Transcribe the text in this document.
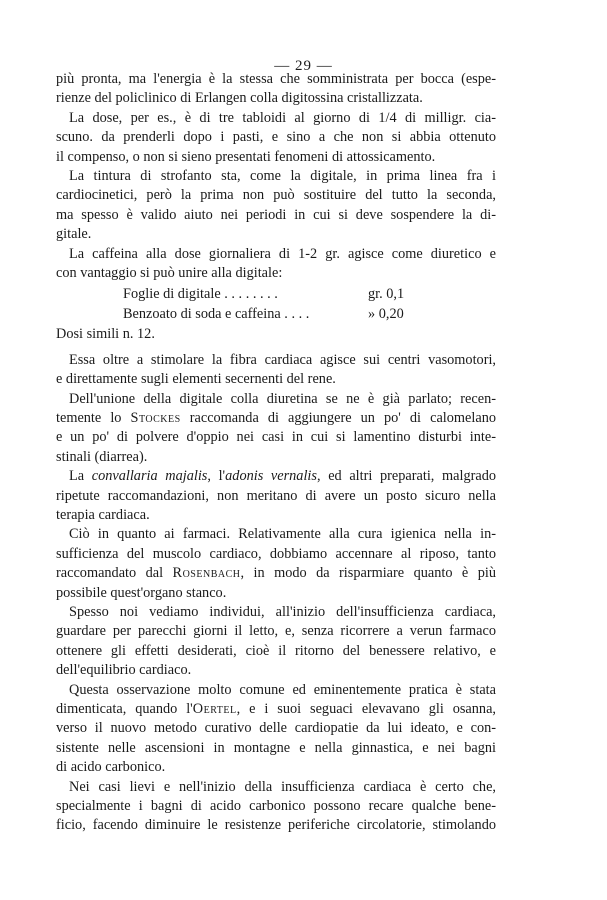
— 29 —
più pronta, ma l'energia è la stessa che somministrata per bocca (espe-
rienze del policlinico di Erlangen colla digitossina cristallizzata.
La dose, per es., è di tre tabloidi al giorno di 1/4 di milligr. cia-
scuno. da prenderli dopo i pasti, e sino a che non si abbia ottenuto
il compenso, o non si sieno presentati fenomeni di attossicamento.
La tintura di strofanto sta, come la digitale, in prima linea fra i
cardiocinetici, però la prima non può sostituire del tutto la seconda,
ma spesso è valido aiuto nei periodi in cui si deve sospendere la di-
gitale.
La caffeina alla dose giornaliera di 1-2 gr. agisce come diuretico e
con vantaggio si può unire alla digitale:
Foglie di digitale . . . . . . . .	gr. 0,1
Benzoato di soda e caffeina . . . .	» 0,20
Dosi simili n. 12.
Essa oltre a stimolare la fibra cardiaca agisce sui centri vasomotori,
e direttamente sugli elementi secernenti del rene.
Dell'unione della digitale colla diuretina se ne è già parlato; recen-
temente lo Stockes raccomanda di aggiungere un po' di calomelano
e un po' di polvere d'oppio nei casi in cui si lamentino disturbi inte-
stinali (diarrea).
La convallaria majalis, l'adonis vernalis, ed altri preparati, malgrado
ripetute raccomandazioni, non meritano di avere un posto sicuro nella
terapia cardiaca.
Ciò in quanto ai farmaci. Relativamente alla cura igienica nella in-
sufficienza del muscolo cardiaco, dobbiamo accennare al riposo, tanto
raccomandato dal Rosenbach, in modo da risparmiare quanto è più
possibile quest'organo stanco.
Spesso noi vediamo individui, all'inizio dell'insufficienza cardiaca,
guardare per parecchi giorni il letto, e, senza ricorrere a verun farmaco
ottenere gli effetti desiderati, cioè il ritorno del benessere relativo, e
dell'equilibrio cardiaco.
Questa osservazione molto comune ed eminentemente pratica è stata
dimenticata, quando l'Oertel, e i suoi seguaci elevavano gli osanna,
verso il nuovo metodo curativo delle cardiopatie da lui ideato, e con-
sistente nelle ascensioni in montagne e nella ginnastica, e nei bagni
di acido carbonico.
Nei casi lievi e nell'inizio della insufficienza cardiaca è certo che,
specialmente i bagni di acido carbonico possono recare qualche bene-
ficio, facendo diminuire le resistenze periferiche circolatorie, stimolando
